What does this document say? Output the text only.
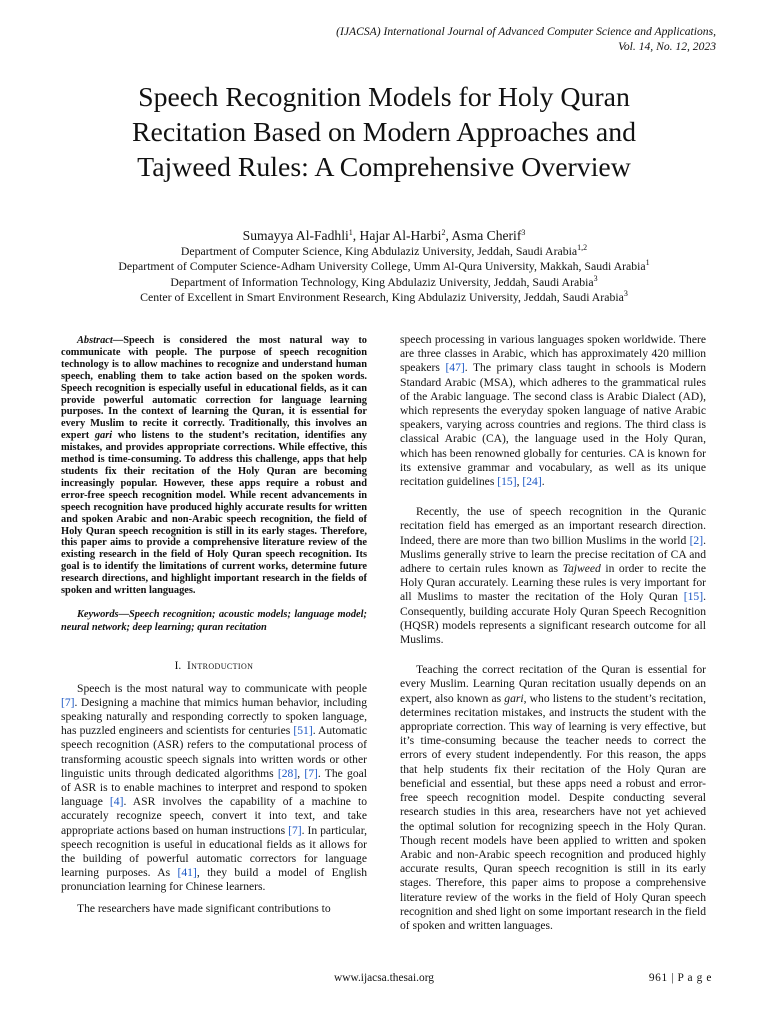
(IJACSA) International Journal of Advanced Computer Science and Applications,
Vol. 14, No. 12, 2023
Speech Recognition Models for Holy Quran
Recitation Based on Modern Approaches and
Tajweed Rules: A Comprehensive Overview
Sumayya Al-Fadhli$^1$, Hajar Al-Harbi$^2$, Asma Cherif$^3$
Department of Computer Science, King Abdulaziz University, Jeddah, Saudi Arabia$^{1,2}$
Department of Computer Science-Adham University College, Umm Al-Qura University, Makkah, Saudi Arabia$^1$
Department of Information Technology, King Abdulaziz University, Jeddah, Saudi Arabia$^3$
Center of Excellent in Smart Environment Research, King Abdulaziz University, Jeddah, Saudi Arabia$^3$

Abstract—Speech is considered the most natural way to communicate with people. The purpose of speech recognition technology is to allow machines to recognize and understand human speech, enabling them to take action based on the spoken words. Speech recognition is especially useful in educational fields, as it can provide powerful automatic correction for language learning purposes. In the context of learning the Quran, it is essential for every Muslim to recite it correctly. Traditionally, this involves an expert gari who listens to the student’s recitation, identifies any mistakes, and provides appropriate corrections. While effective, this method is time-consuming. To address this challenge, apps that help students fix their recitation of the Holy Quran are becoming increasingly popular. However, these apps require a robust and error-free speech recognition model. While recent advancements in speech recognition have produced highly accurate results for written and spoken Arabic and non-Arabic speech recognition, the field of Holy Quran speech recognition is still in its early stages. Therefore, this paper aims to provide a comprehensive literature review of the existing research in the field of Holy Quran speech recognition. Its goal is to identify the limitations of current works, determine future research directions, and highlight important research in the fields of spoken and written languages.

Keywords—Speech recognition; acoustic models; language model; neural network; deep learning; quran recitation

I. Introduction

Speech is the most natural way to communicate with people [7]. Designing a machine that mimics human behavior, including speaking naturally and responding correctly to spoken language, has puzzled engineers and scientists for centuries [51]. Automatic speech recognition (ASR) refers to the computational process of transforming acoustic speech signals into written words or other linguistic units through dedicated algorithms [28], [7]. The goal of ASR is to enable machines to interpret and respond to spoken language [4]. ASR involves the capability of a machine to accurately recognize speech, convert it into text, and take appropriate actions based on human instructions [7]. In particular, speech recognition is useful in educational fields as it allows for the building of powerful automatic correctors for language learning purposes. As [41], they build a model of English pronunciation learning for Chinese learners.

The researchers have made significant contributions to

speech processing in various languages spoken worldwide. There are three classes in Arabic, which has approximately 420 million speakers [47]. The primary class taught in schools is Modern Standard Arabic (MSA), which adheres to the grammatical rules of the Arabic language. The second class is Arabic Dialect (AD), which represents the everyday spoken language of native Arabic speakers, varying across countries and regions. The third class is classical Arabic (CA), the language used in the Holy Quran, which has been renowned globally for centuries. CA is known for its extensive grammar and vocabulary, as well as its unique recitation guidelines [15], [24].

Recently, the use of speech recognition in the Quranic recitation field has emerged as an important research direction. Indeed, there are more than two billion Muslims in the world [2]. Muslims generally strive to learn the precise recitation of CA and adhere to certain rules known as Tajweed in order to recite the Holy Quran accurately. Learning these rules is very important for all Muslims to master the recitation of the Holy Quran [15]. Consequently, building accurate Holy Quran Speech Recognition (HQSR) models represents a significant research outcome for all Muslims.

Teaching the correct recitation of the Quran is essential for every Muslim. Learning Quran recitation usually depends on an expert, also known as gari, who listens to the student’s recitation, determines recitation mistakes, and instructs the student with the appropriate correction. This way of learning is very effective, but it’s time-consuming because the teacher needs to correct the errors of every student independently. For this reason, the apps that help students fix their recitation of the Holy Quran are beneficial and essential, but these apps need a robust and error-free speech recognition model. Despite conducting several research studies in this area, researchers have not yet achieved the optimal solution for recognizing speech in the Holy Quran. Though recent models have been applied to written and spoken Arabic and non-Arabic speech recognition and produced highly accurate results, Quran speech recognition is still in its early stages. Therefore, this paper aims to propose a comprehensive literature review of the works in the field of Holy Quran speech recognition and shed light on some important research in the field of spoken and written languages.

www.ijacsa.thesai.org	961 | P a g e
